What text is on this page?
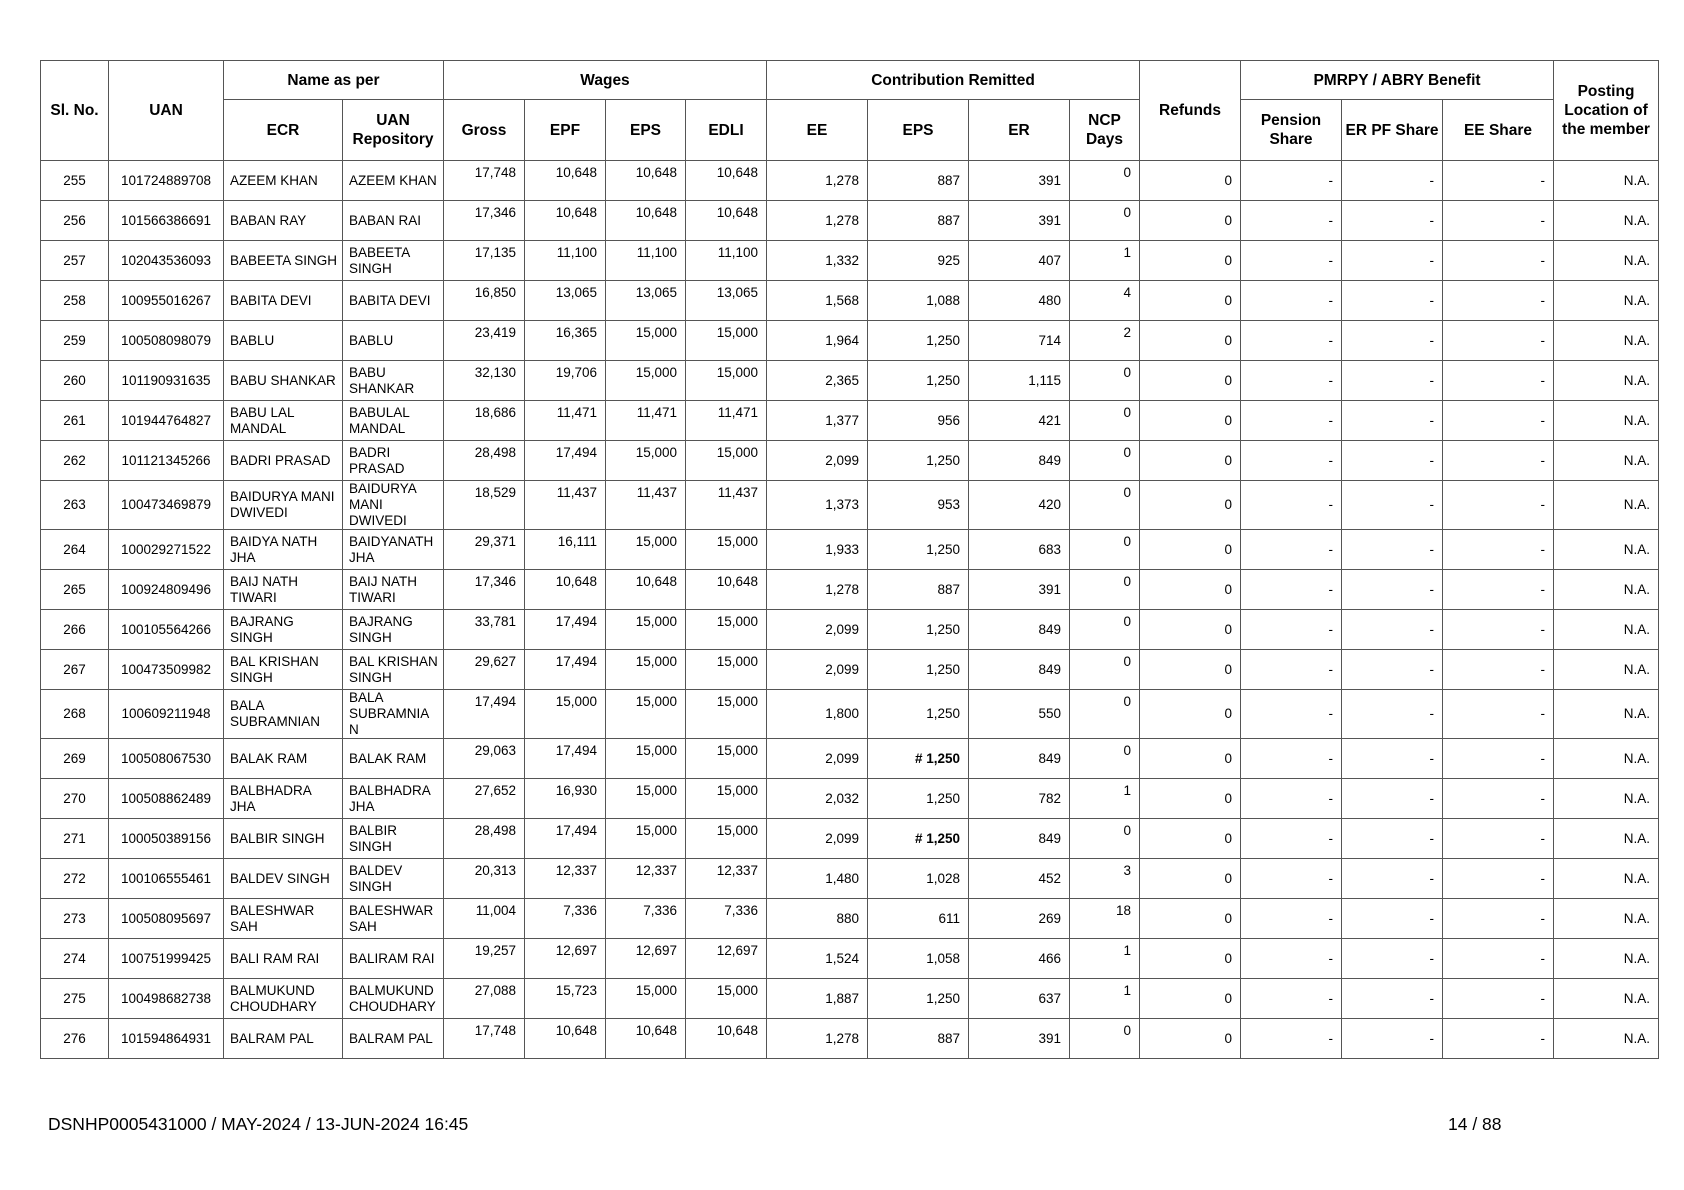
Sl. No.	UAN	Name as per		Wages				Contribution Remitted				Refunds	PMRPY / ABRY Benefit			Posting Location of the member
		ECR	UAN Repository	Gross	EPF	EPS	EDLI	EE	EPS	ER	NCP Days		Pension Share	ER PF Share	EE Share	
255	101724889708	AZEEM KHAN	AZEEM KHAN	17,748	10,648	10,648	10,648	1,278	887	391	0	0	-	-	-	N.A.
256	101566386691	BABAN RAY	BABAN RAI	17,346	10,648	10,648	10,648	1,278	887	391	0	0	-	-	-	N.A.
257	102043536093	BABEETA SINGH	BABEETA SINGH	17,135	11,100	11,100	11,100	1,332	925	407	1	0	-	-	-	N.A.
258	100955016267	BABITA DEVI	BABITA DEVI	16,850	13,065	13,065	13,065	1,568	1,088	480	4	0	-	-	-	N.A.
259	100508098079	BABLU	BABLU	23,419	16,365	15,000	15,000	1,964	1,250	714	2	0	-	-	-	N.A.
260	101190931635	BABU SHANKAR	BABU SHANKAR	32,130	19,706	15,000	15,000	2,365	1,250	1,115	0	0	-	-	-	N.A.
261	101944764827	BABU LAL MANDAL	BABULAL MANDAL	18,686	11,471	11,471	11,471	1,377	956	421	0	0	-	-	-	N.A.
262	101121345266	BADRI PRASAD	BADRI PRASAD	28,498	17,494	15,000	15,000	2,099	1,250	849	0	0	-	-	-	N.A.
263	100473469879	BAIDURYA MANI DWIVEDI	BAIDURYA MANI DWIVEDI	18,529	11,437	11,437	11,437	1,373	953	420	0	0	-	-	-	N.A.
264	100029271522	BAIDYA NATH JHA	BAIDYANATH JHA	29,371	16,111	15,000	15,000	1,933	1,250	683	0	0	-	-	-	N.A.
265	100924809496	BAIJ NATH TIWARI	BAIJ NATH TIWARI	17,346	10,648	10,648	10,648	1,278	887	391	0	0	-	-	-	N.A.
266	100105564266	BAJRANG SINGH	BAJRANG SINGH	33,781	17,494	15,000	15,000	2,099	1,250	849	0	0	-	-	-	N.A.
267	100473509982	BAL KRISHAN SINGH	BAL KRISHAN SINGH	29,627	17,494	15,000	15,000	2,099	1,250	849	0	0	-	-	-	N.A.
268	100609211948	BALA SUBRAMNIAN	BALA SUBRAMNIA N	17,494	15,000	15,000	15,000	1,800	1,250	550	0	0	-	-	-	N.A.
269	100508067530	BALAK RAM	BALAK RAM	29,063	17,494	15,000	15,000	2,099	# 1,250	849	0	0	-	-	-	N.A.
270	100508862489	BALBHADRA JHA	BALBHADRA JHA	27,652	16,930	15,000	15,000	2,032	1,250	782	1	0	-	-	-	N.A.
271	100050389156	BALBIR SINGH	BALBIR SINGH	28,498	17,494	15,000	15,000	2,099	# 1,250	849	0	0	-	-	-	N.A.
272	100106555461	BALDEV SINGH	BALDEV SINGH	20,313	12,337	12,337	12,337	1,480	1,028	452	3	0	-	-	-	N.A.
273	100508095697	BALESHWAR SAH	BALESHWAR SAH	11,004	7,336	7,336	7,336	880	611	269	18	0	-	-	-	N.A.
274	100751999425	BALI RAM RAI	BALIRAM RAI	19,257	12,697	12,697	12,697	1,524	1,058	466	1	0	-	-	-	N.A.
275	100498682738	BALMUKUND CHOUDHARY	BALMUKUND CHOUDHARY	27,088	15,723	15,000	15,000	1,887	1,250	637	1	0	-	-	-	N.A.
276	101594864931	BALRAM PAL	BALRAM PAL	17,748	10,648	10,648	10,648	1,278	887	391	0	0	-	-	-	N.A.
DSNHP0005431000 / MAY-2024 / 13-JUN-2024 16:45	14 / 88
